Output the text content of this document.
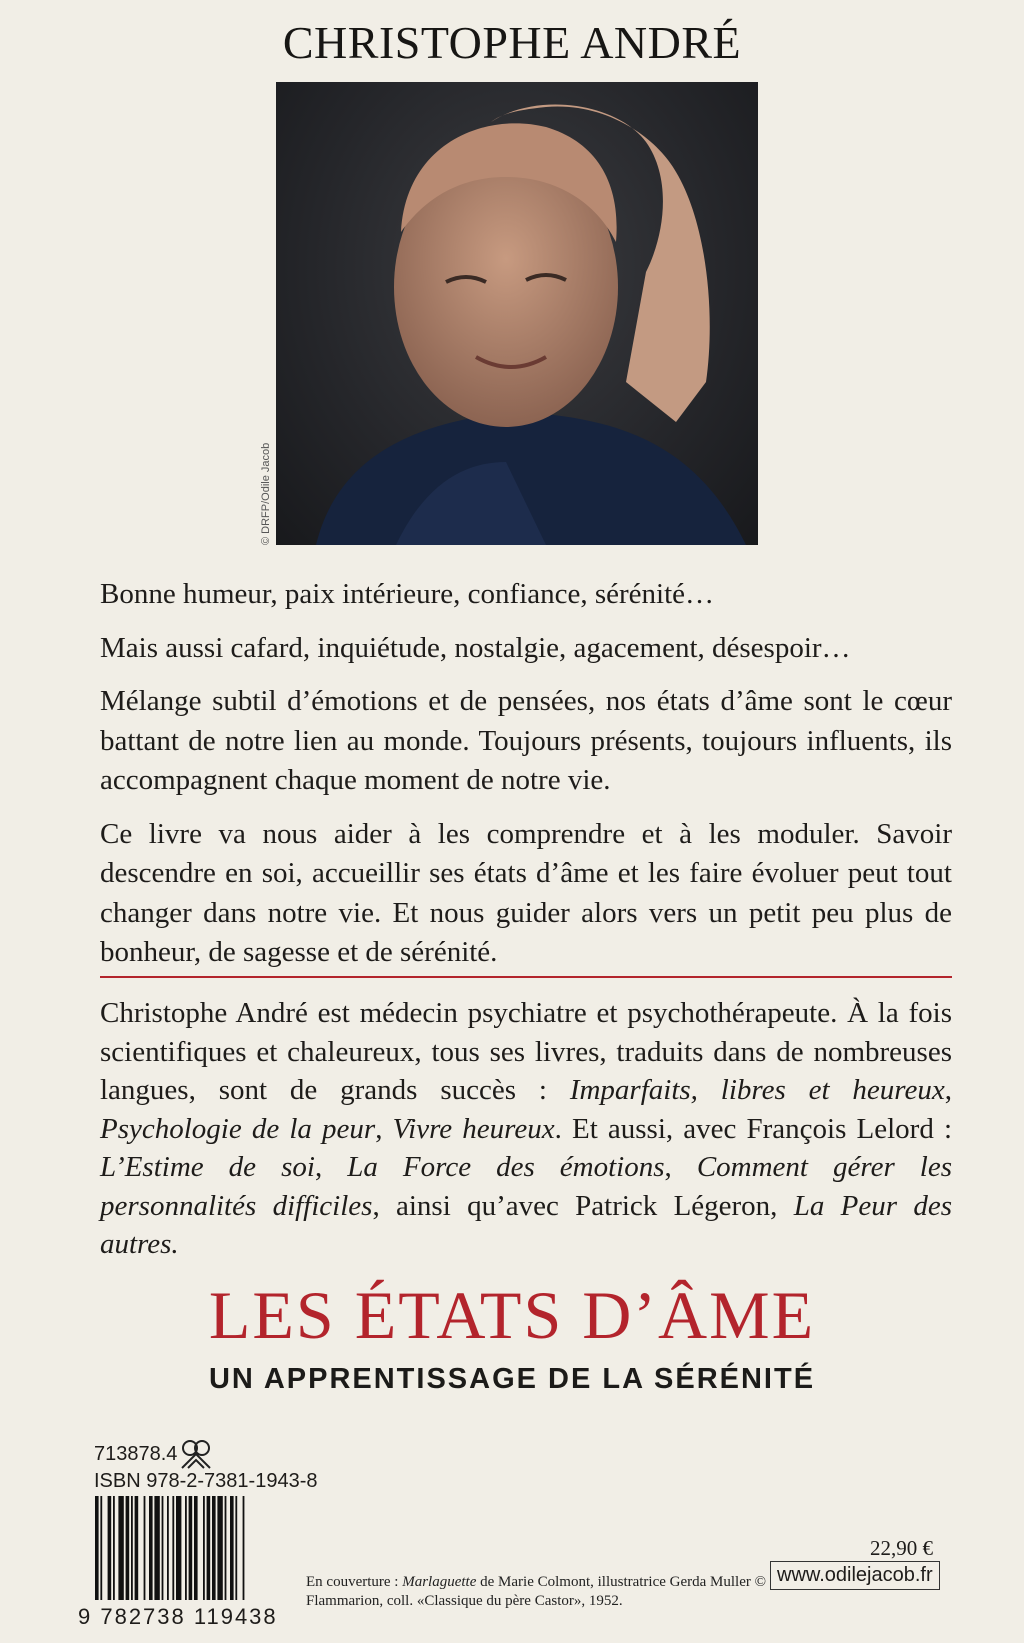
CHRISTOPHE ANDRÉ
© DRFP/Odile Jacob

Bonne humeur, paix intérieure, confiance, sérénité…

Mais aussi cafard, inquiétude, nostalgie, agacement, désespoir…

Mélange subtil d’émotions et de pensées, nos états d’âme sont le cœur battant de notre lien au monde. Toujours présents, toujours influents, ils accompagnent chaque moment de notre vie.

Ce livre va nous aider à les comprendre et à les moduler. Savoir descendre en soi, accueillir ses états d’âme et les faire évoluer peut tout changer dans notre vie. Et nous guider alors vers un petit peu plus de bonheur, de sagesse et de sérénité.

Christophe André est médecin psychiatre et psychothérapeute. À la fois scientifiques et chaleureux, tous ses livres, traduits dans de nombreuses langues, sont de grands succès : Imparfaits, libres et heureux, Psychologie de la peur, Vivre heureux. Et aussi, avec François Lelord : L’Estime de soi, La Force des émotions, Comment gérer les personnalités difficiles, ainsi qu’avec Patrick Légeron, La Peur des autres.
LES ÉTATS D’ÂME
UN APPRENTISSAGE DE LA SÉRÉNITÉ
713878.4
ISBN 978-2-7381-1943-8
9 782738 119438
En couverture : Marlaguette de Marie Colmont, illustratrice Gerda Muller © Flammarion, coll. «Classique du père Castor», 1952.
22,90 €
www.odilejacob.fr
